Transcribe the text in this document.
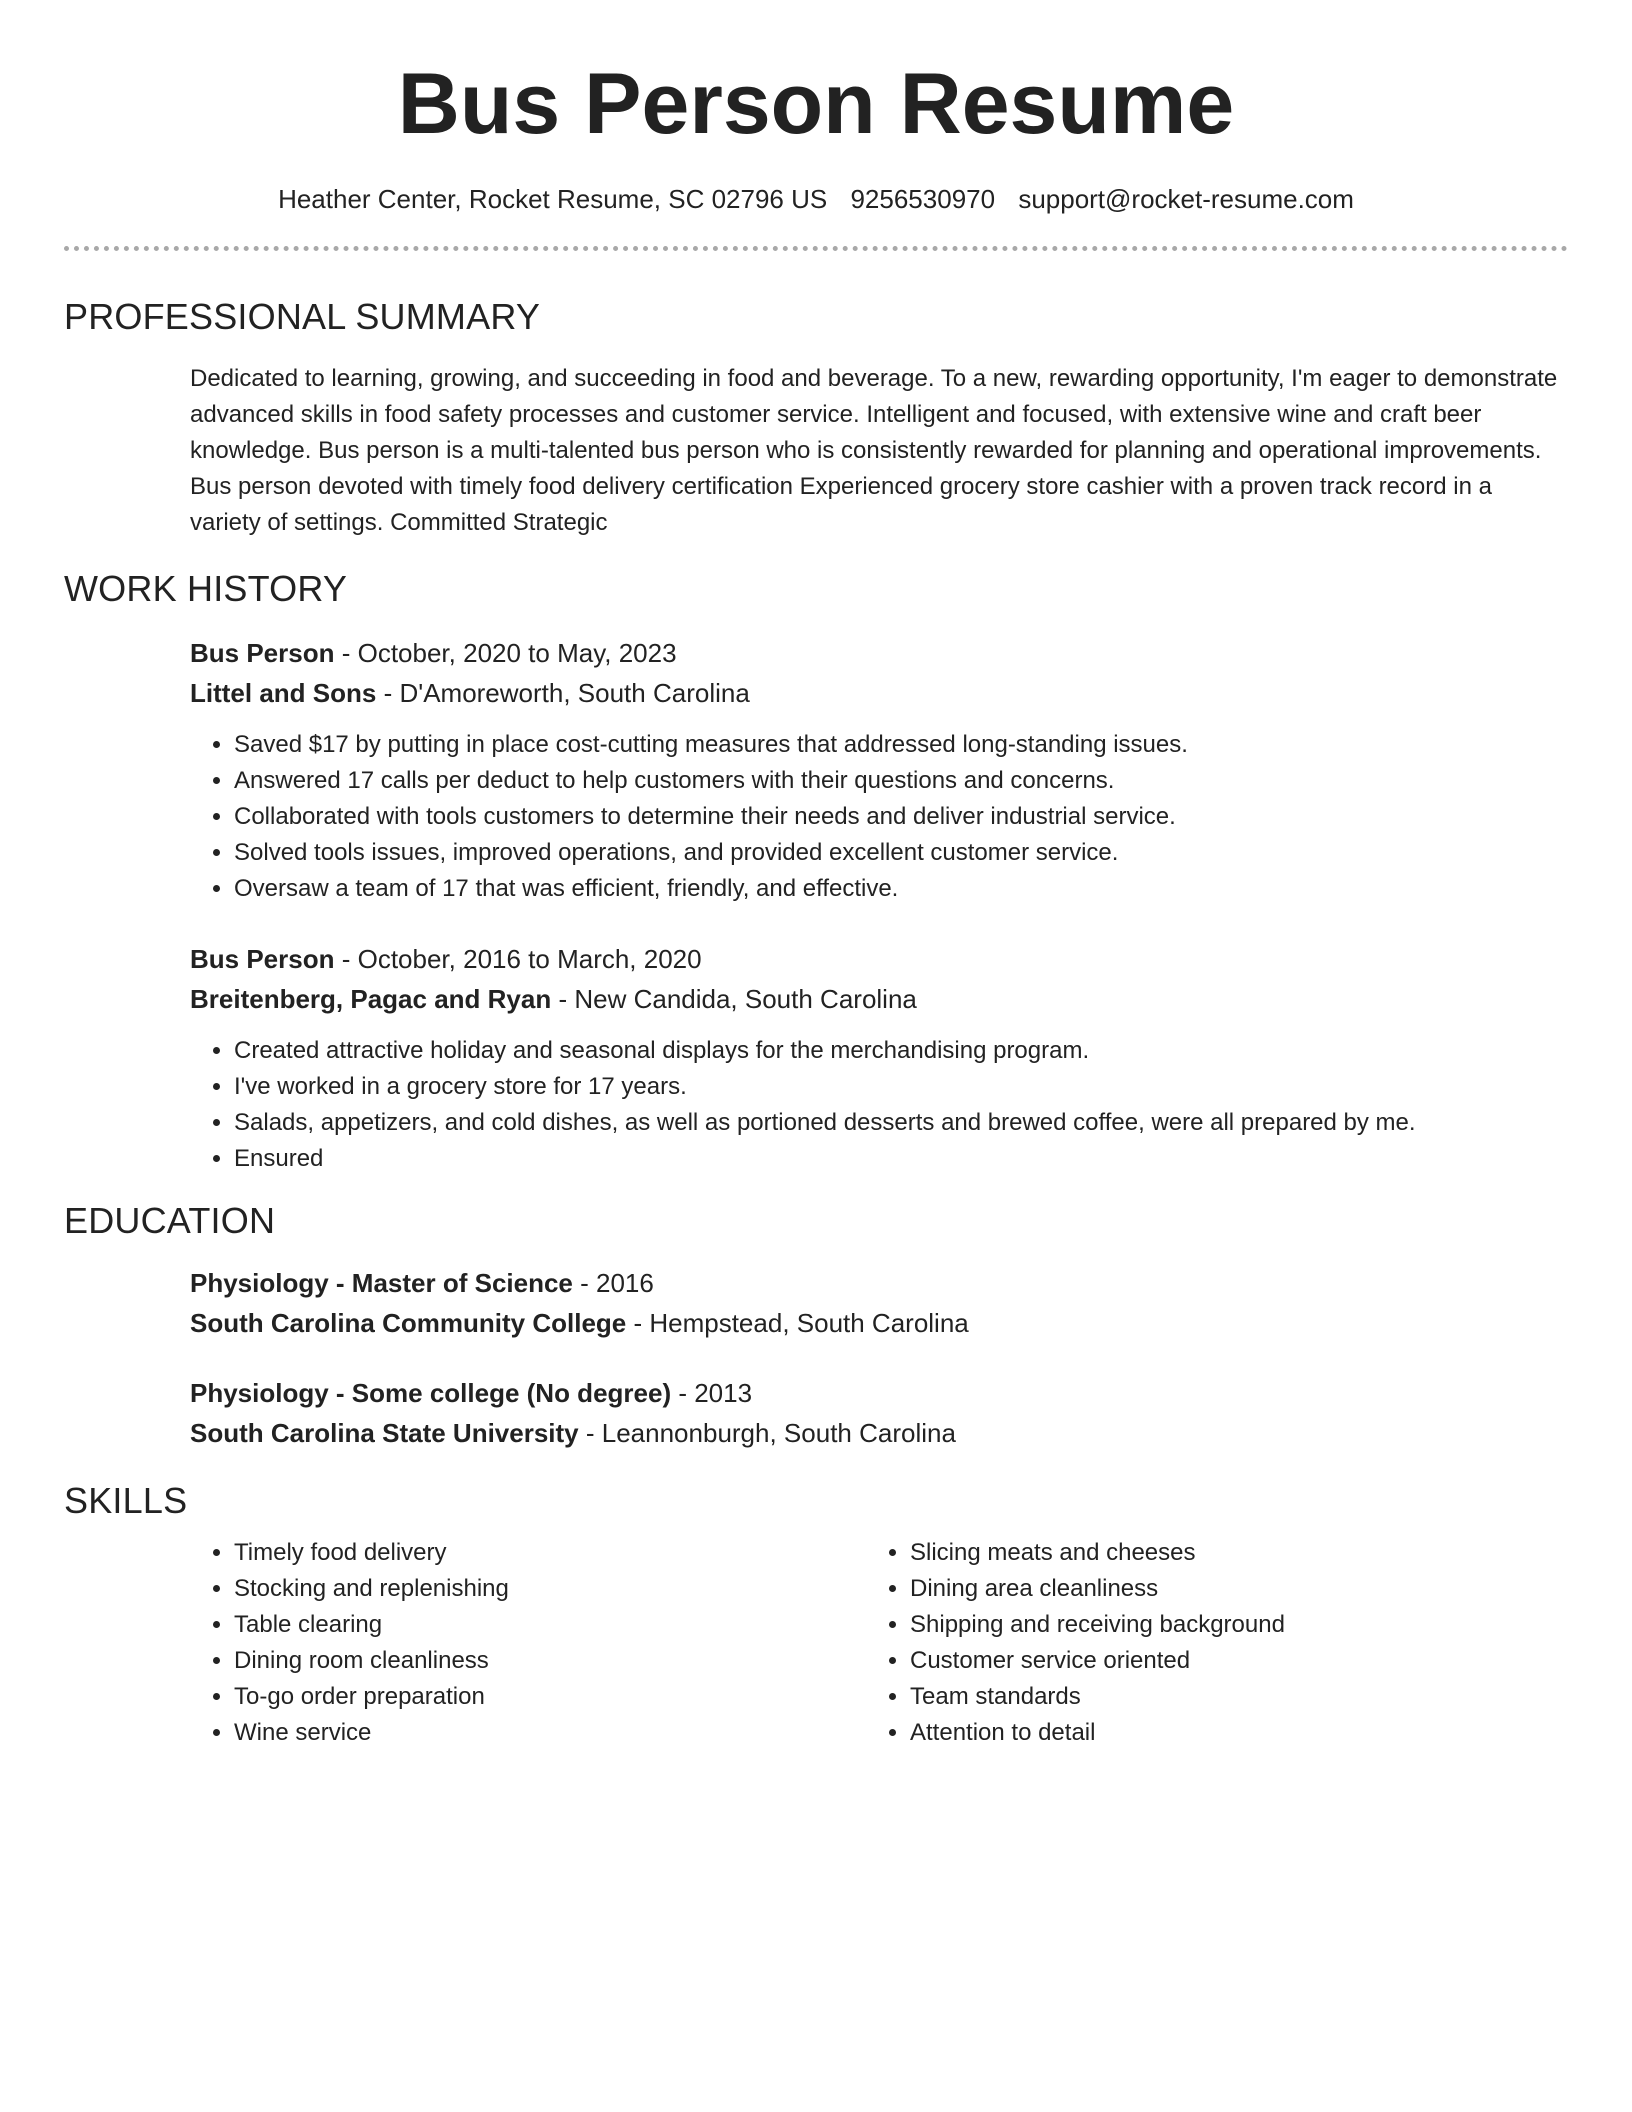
Bus Person Resume
Heather Center, Rocket Resume, SC 02796 US 9256530970 support@rocket-resume.com
PROFESSIONAL SUMMARY
Dedicated to learning, growing, and succeeding in food and beverage. To a new, rewarding opportunity, I'm eager to demonstrate advanced skills in food safety processes and customer service. Intelligent and focused, with extensive wine and craft beer knowledge. Bus person is a multi-talented bus person who is consistently rewarded for planning and operational improvements. Bus person devoted with timely food delivery certification Experienced grocery store cashier with a proven track record in a variety of settings. Committed Strategic
WORK HISTORY
Bus Person - October, 2020 to May, 2023
Littel and Sons - D'Amoreworth, South Carolina
• Saved $17 by putting in place cost-cutting measures that addressed long-standing issues.
• Answered 17 calls per deduct to help customers with their questions and concerns.
• Collaborated with tools customers to determine their needs and deliver industrial service.
• Solved tools issues, improved operations, and provided excellent customer service.
• Oversaw a team of 17 that was efficient, friendly, and effective.
Bus Person - October, 2016 to March, 2020
Breitenberg, Pagac and Ryan - New Candida, South Carolina
• Created attractive holiday and seasonal displays for the merchandising program.
• I've worked in a grocery store for 17 years.
• Salads, appetizers, and cold dishes, as well as portioned desserts and brewed coffee, were all prepared by me.
• Ensured
EDUCATION
Physiology - Master of Science - 2016
South Carolina Community College - Hempstead, South Carolina
Physiology - Some college (No degree) - 2013
South Carolina State University - Leannonburgh, South Carolina
SKILLS
• Timely food delivery
• Stocking and replenishing
• Table clearing
• Dining room cleanliness
• To-go order preparation
• Wine service
• Slicing meats and cheeses
• Dining area cleanliness
• Shipping and receiving background
• Customer service oriented
• Team standards
• Attention to detail
